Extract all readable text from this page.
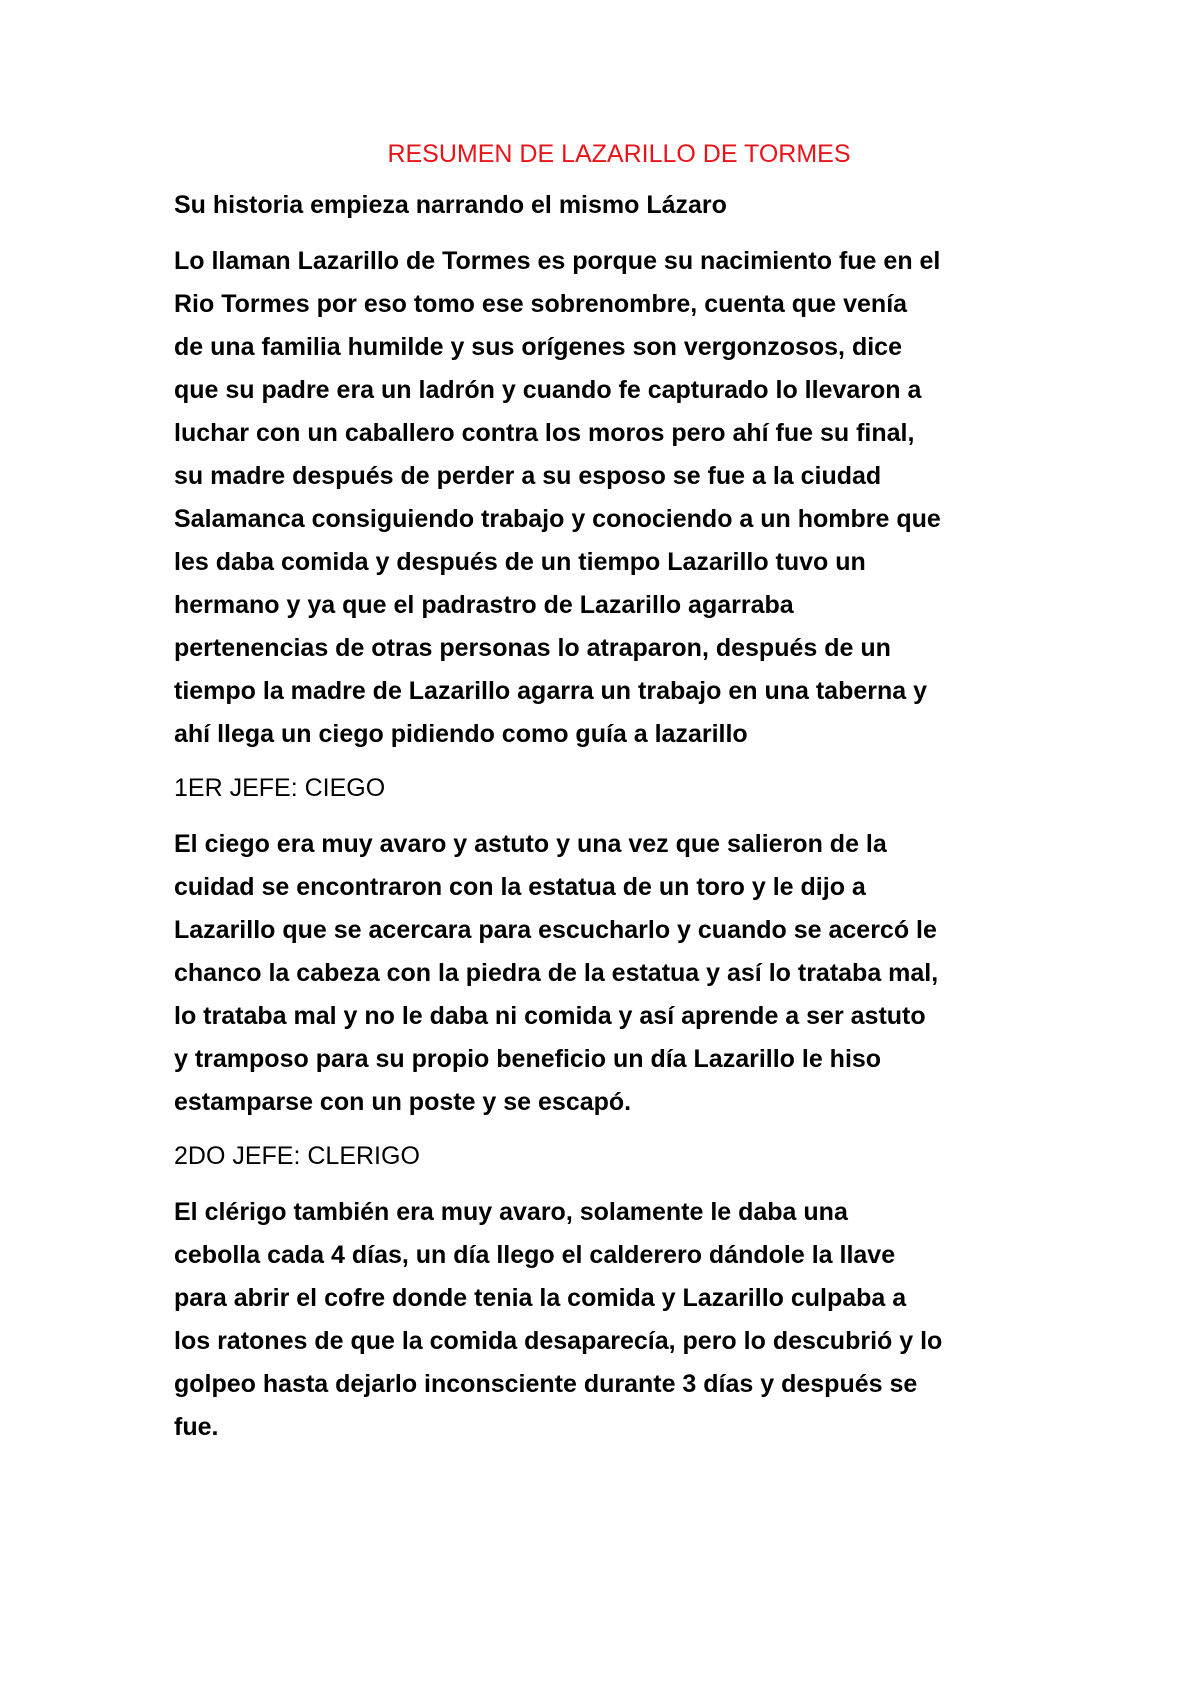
RESUMEN DE LAZARILLO DE TORMES
Su historia empieza narrando el mismo Lázaro
Lo llaman Lazarillo de Tormes es porque su nacimiento fue en el
Rio Tormes por eso tomo ese sobrenombre, cuenta que venía
de una familia humilde y sus orígenes son vergonzosos, dice
que su padre era un ladrón y cuando fe capturado lo llevaron a
luchar con un caballero contra los moros pero ahí fue su final,
su madre después de perder a su esposo se fue a la ciudad
Salamanca consiguiendo trabajo y conociendo a un hombre que
les daba comida y después de un tiempo Lazarillo tuvo un
hermano y ya que el padrastro de Lazarillo agarraba
pertenencias de otras personas lo atraparon, después de un
tiempo la madre de Lazarillo agarra un trabajo en una taberna y
ahí llega un ciego pidiendo como guía a lazarillo
1ER JEFE: CIEGO
El ciego era muy avaro y astuto y una vez que salieron de la
cuidad se encontraron con la estatua de un toro y le dijo a
Lazarillo que se acercara para escucharlo y cuando se acercó le
chanco la cabeza con la piedra de la estatua y así lo trataba mal,
lo trataba mal y no le daba ni comida y así aprende a ser astuto
y tramposo para su propio beneficio un día Lazarillo le hiso
estamparse con un poste y se escapó.
2DO JEFE: CLERIGO
El clérigo también era muy avaro, solamente le daba una
cebolla cada 4 días, un día llego el calderero dándole la llave
para abrir el cofre donde tenia la comida y Lazarillo culpaba a
los ratones de que la comida desaparecía, pero lo descubrió y lo
golpeo hasta dejarlo inconsciente durante 3 días y después se
fue.
